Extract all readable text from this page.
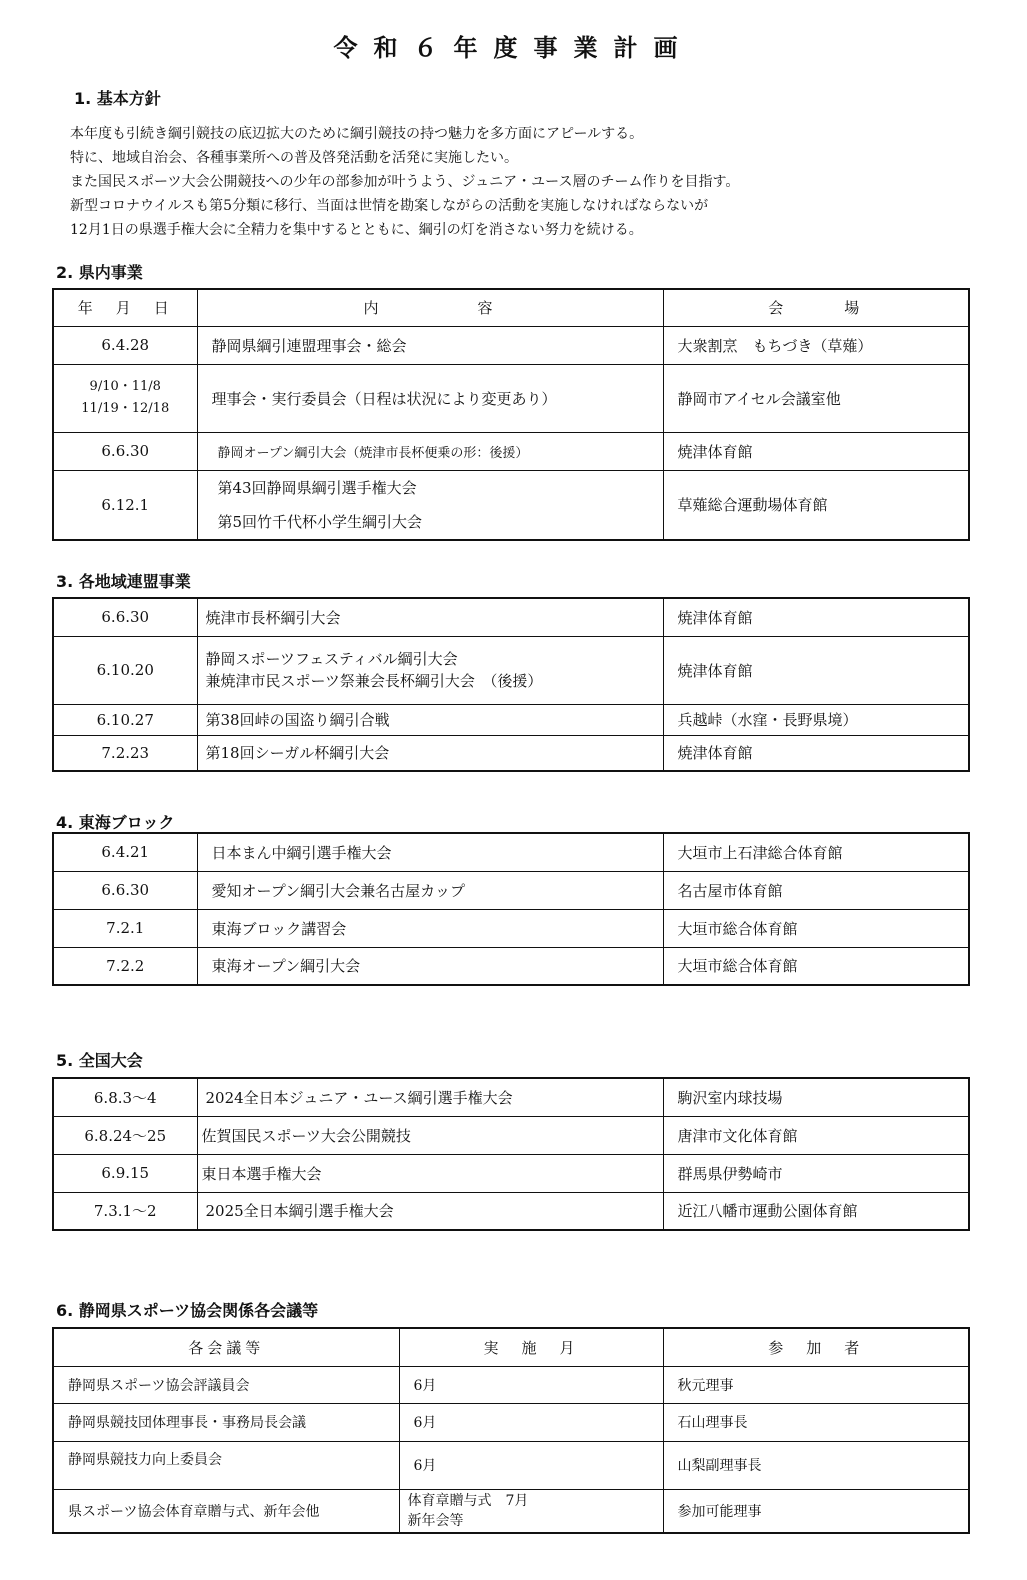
令和６年度事業計画
1. 基本方針

本年度も引続き綱引競技の底辺拡大のために綱引競技の持つ魅力を多方面にアピールする。

特に、地域自治会、各種事業所への普及啓発活動を活発に実施したい。

また国民スポーツ大会公開競技への少年の部参加が叶うよう、ジュニア・ユース層のチーム作りを目指す。

新型コロナウイルスも第5分類に移行、当面は世情を勘案しながらの活動を実施しなければならないが

12月1日の県選手権大会に全精力を集中するとともに、綱引の灯を消さない努力を続ける。

2. 県内事業
年　月　日	内　　　　　容	会　　　場
6.4.28	静岡県綱引連盟理事会・総会	大衆割烹　もちづき（草薙）

9/10・11/8
11/19・12/18	理事会・実行委員会（日程は状況により変更あり）	静岡市アイセル会議室他
6.6.30	静岡オープン綱引大会（焼津市長杯便乗の形：後援）	焼津体育館
6.12.1	第43回静岡県綱引選手権大会
第5回竹千代杯小学生綱引大会	草薙総合運動場体育館
3. 各地域連盟事業
6.6.30	焼津市長杯綱引大会	焼津体育館
6.10.20	静岡スポーツフェスティバル綱引大会
兼焼津市民スポーツ祭兼会長杯綱引大会　（後援）	焼津体育館
6.10.27	第38回峠の国盗り綱引合戦	兵越峠（水窪・長野県境）
7.2.23	第18回シーガル杯綱引大会	焼津体育館
4. 東海ブロック
6.4.21	日本まん中綱引選手権大会	大垣市上石津総合体育館
6.6.30	愛知オープン綱引大会兼名古屋カップ	名古屋市体育館
7.2.1	東海ブロック講習会	大垣市総合体育館
7.2.2	東海オープン綱引大会	大垣市総合体育館
5. 全国大会
6.8.3～4	2024全日本ジュニア・ユース綱引選手権大会	駒沢室内球技場
6.8.24～25	佐賀国民スポーツ大会公開競技	唐津市文化体育館
6.9.15	東日本選手権大会	群馬県伊勢崎市
7.3.1～2	2025全日本綱引選手権大会	近江八幡市運動公園体育館
6. 静岡県スポーツ協会関係各会議等
各会議等	実　施　月	参　加　者
静岡県スポーツ協会評議員会	6月	秋元理事
静岡県競技団体理事長・事務局長会議	6月	石山理事長
静岡県競技力向上委員会	6月	山梨副理事長
県スポーツ協会体育章贈与式、新年会他	体育章贈与式　7月
新年会等	参加可能理事
